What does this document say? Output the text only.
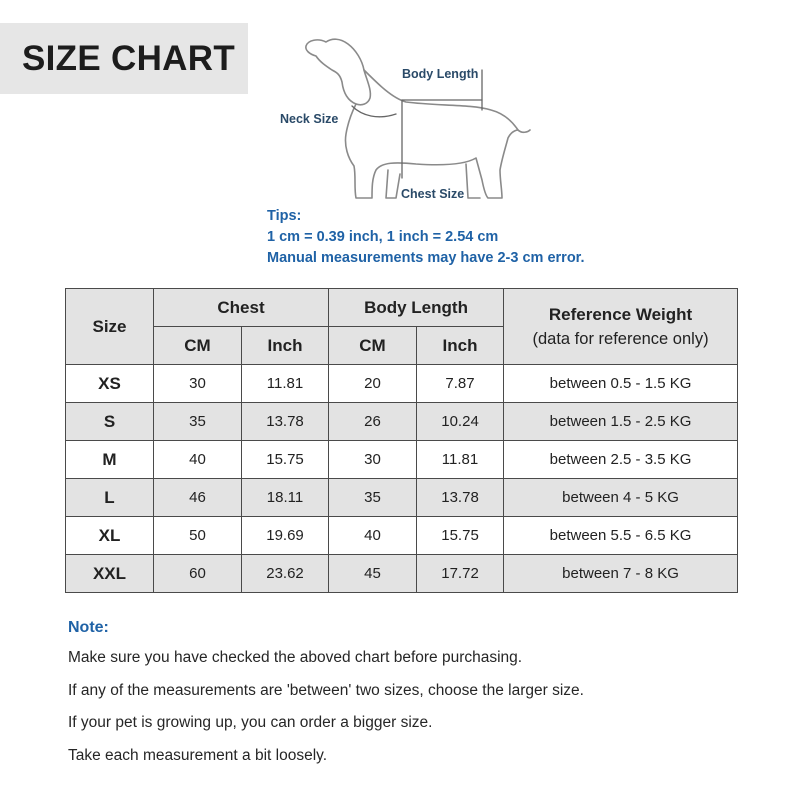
SIZE CHART	Body Length
Neck Size
Chest Size
Tips:
1 cm = 0.39 inch, 1 inch = 2.54 cm
Manual measurements may have 2-3 cm error.
Size	Chest		Body Length		Reference Weight
(data for reference only)

	CM	Inch	CM	Inch	
XS	30	11.81	20	7.87	between 0.5 - 1.5 KG
S	35	13.78	26	10.24	between 1.5 - 2.5 KG
M	40	15.75	30	11.81	between 2.5 - 3.5 KG
L	46	18.11	35	13.78	between 4 - 5 KG
XL	50	19.69	40	15.75	between 5.5 - 6.5 KG
XXL	60	23.62	45	17.72	between 7 - 8 KG
Note:
Make sure you have checked the aboved chart before purchasing.
If any of the measurements are 'between' two sizes, choose the larger size.
If your pet is growing up, you can order a bigger size.
Take each measurement a bit loosely.
